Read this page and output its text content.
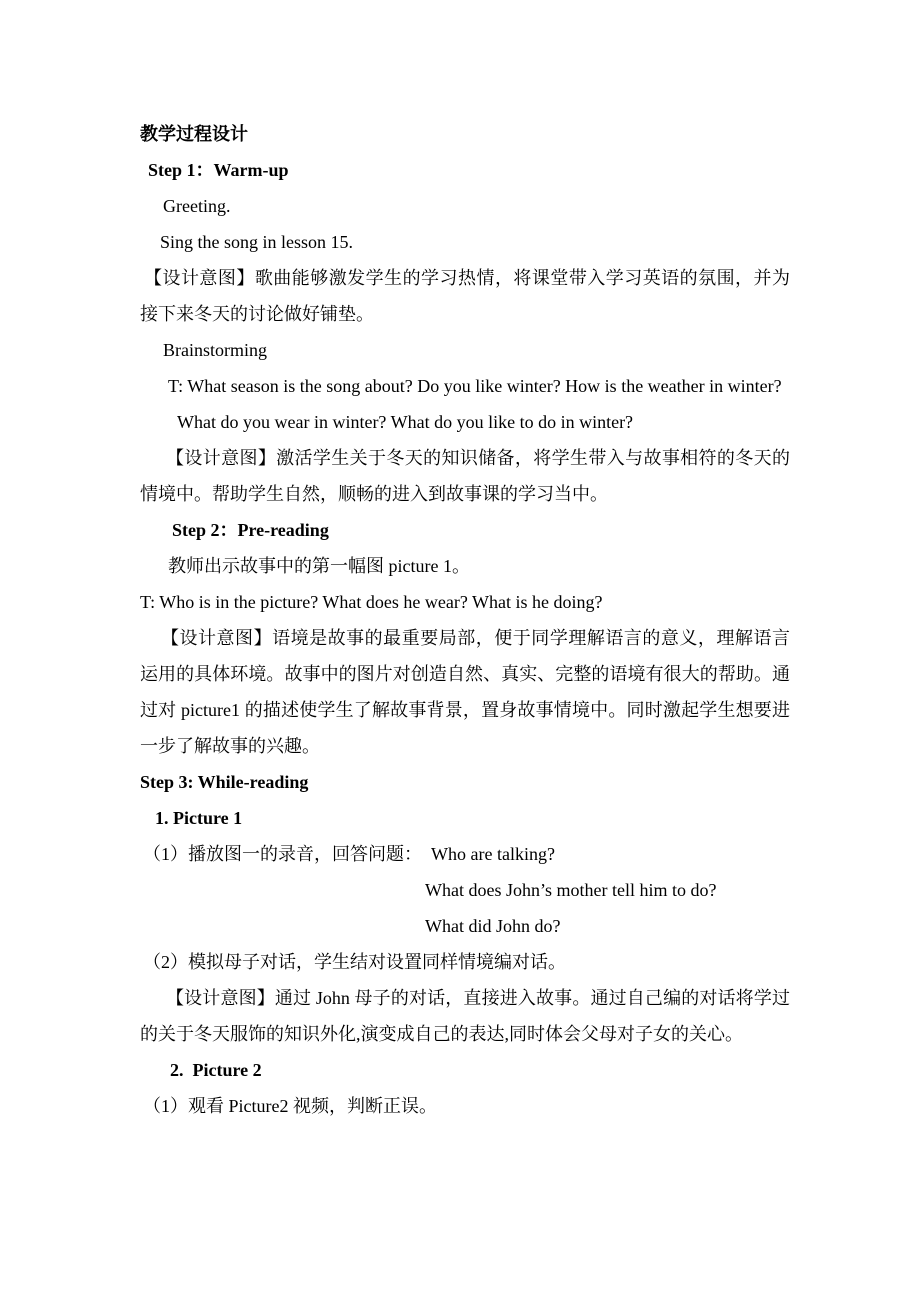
教学过程设计

Step 1：Warm-up

Greeting.

Sing the song in lesson 15.

【设计意图】歌曲能够激发学生的学习热情，将课堂带入学习英语的氛围，并为接下来冬天的讨论做好铺垫。

Brainstorming

T: What season is the song about? Do you like winter? How is the weather in winter? What do you wear in winter? What do you like to do in winter?

【设计意图】激活学生关于冬天的知识储备，将学生带入与故事相符的冬天的情境中。帮助学生自然，顺畅的进入到故事课的学习当中。

Step 2：Pre-reading

教师出示故事中的第一幅图 picture 1。

T: Who is in the picture? What does he wear? What is he doing?

【设计意图】语境是故事的最重要局部，便于同学理解语言的意义，理解语言运用的具体环境。故事中的图片对创造自然、真实、完整的语境有很大的帮助。通过对 picture1 的描述使学生了解故事背景，置身故事情境中。同时激起学生想要进一步了解故事的兴趣。

Step 3: While-reading

1. Picture 1

（1）播放图一的录音，回答问题：  Who are talking?

What does John’s mother tell him to do?

What did John do?

（2）模拟母子对话，学生结对设置同样情境编对话。

【设计意图】通过 John 母子的对话，直接进入故事。通过自己编的对话将学过的关于冬天服饰的知识外化,演变成自己的表达,同时体会父母对子女的关心。

2.  Picture 2

（1）观看 Picture2 视频，判断正误。
